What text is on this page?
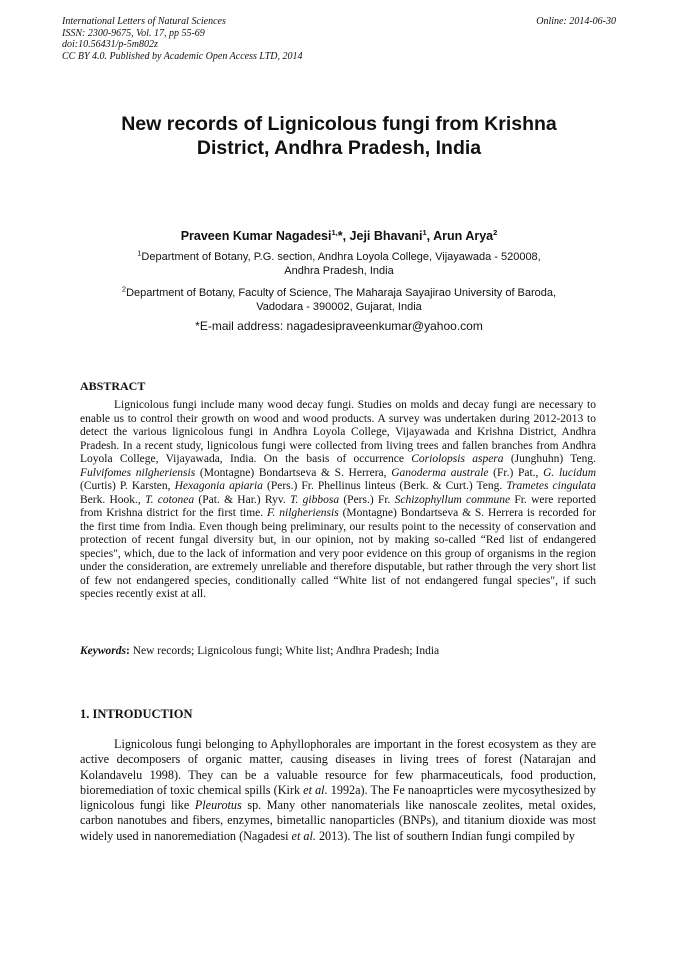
International Letters of Natural Sciences
ISSN: 2300-9675, Vol. 17, pp 55-69
doi:10.56431/p-5m802z
CC BY 4.0. Published by Academic Open Access LTD, 2014
Online: 2014-06-30
New records of Lignicolous fungi from Krishna
District, Andhra Pradesh, India
Praveen Kumar Nagadesi$^{1,}$*, Jeji Bhavani$^1$, Arun Arya$^2$
$^1$Department of Botany, P.G. section, Andhra Loyola College, Vijayawada - 520008,
Andhra Pradesh, India
$^2$Department of Botany, Faculty of Science, The Maharaja Sayajirao University of Baroda,
Vadodara - 390002, Gujarat, India
*E-mail address: nagadesipraveenkumar@yahoo.com
ABSTRACT

Lignicolous fungi include many wood decay fungi. Studies on molds and decay fungi are necessary to enable us to control their growth on wood and wood products. A survey was undertaken during 2012-2013 to detect the various lignicolous fungi in Andhra Loyola College, Vijayawada and Krishna District, Andhra Pradesh. In a recent study, lignicolous fungi were collected from living trees and fallen branches from Andhra Loyola College, Vijayawada, India. On the basis of occurrence Coriolopsis aspera (Junghuhn) Teng. Fulvifomes nilgheriensis (Montagne) Bondartseva & S. Herrera, Ganoderma australe (Fr.) Pat., G. lucidum (Curtis) P. Karsten, Hexagonia apiaria (Pers.) Fr. Phellinus linteus (Berk. & Curt.) Teng. Trametes cingulata Berk. Hook., T. cotonea (Pat. & Har.) Ryv. T. gibbosa (Pers.) Fr. Schizophyllum commune Fr. were reported from Krishna district for the first time. F. nilgheriensis (Montagne) Bondartseva & S. Herrera is recorded for the first time from India. Even though being preliminary, our results point to the necessity of conservation and protection of recent fungal diversity but, in our opinion, not by making so-called “Red list of endangered species", which, due to the lack of information and very poor evidence on this group of organisms in the region under the consideration, are extremely unreliable and therefore disputable, but rather through the very short list of few not endangered species, conditionally called “White list of not endangered fungal species", if such species recently exist at all.

Keywords: New records; Lignicolous fungi; White list; Andhra Pradesh; India
1. INTRODUCTION

Lignicolous fungi belonging to Aphyllophorales are important in the forest ecosystem as they are active decomposers of organic matter, causing diseases in living trees of forest (Natarajan and Kolandavelu 1998). They can be a valuable resource for few pharmaceuticals, food production, bioremediation of toxic chemical spills (Kirk et al. 1992a). The Fe nanoaprticles were mycosythesized by lignicolous fungi like Pleurotus sp. Many other nanomaterials like nanoscale zeolites, metal oxides, carbon nanotubes and fibers, enzymes, bimetallic nanoparticles (BNPs), and titanium dioxide was most widely used in nanoremediation (Nagadesi et al. 2013). The list of southern Indian fungi compiled by
